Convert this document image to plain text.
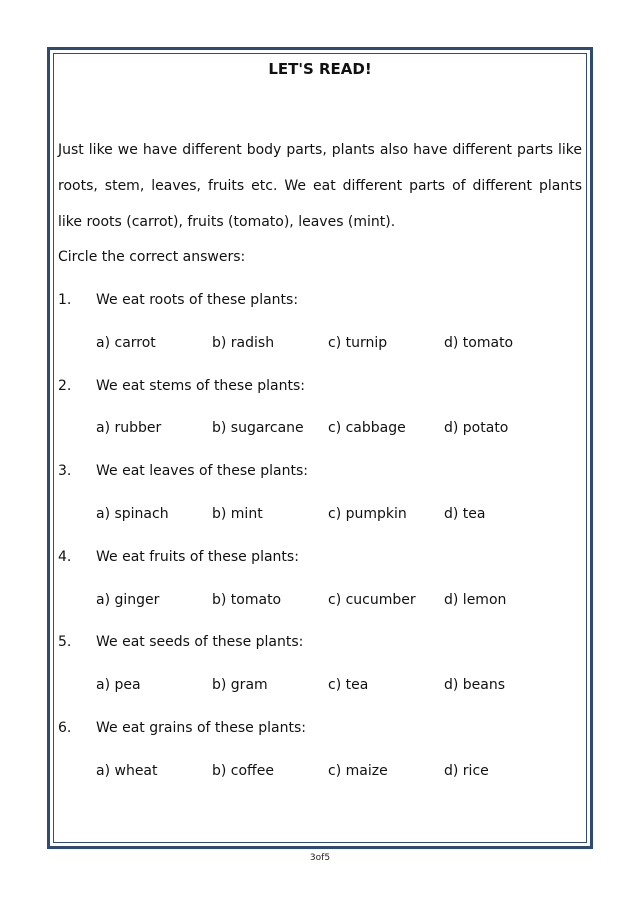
LET'S READ!
Just like we have different body parts, plants also have different parts like roots, stem, leaves, fruits etc. We eat different parts of different plants like roots (carrot), fruits (tomato), leaves (mint).
Circle the correct answers:
1. We eat roots of these plants:
a) carrot	b) radish	c) turnip	d) tomato
2. We eat stems of these plants:
a) rubber	b) sugarcane c) cabbage	d) potato
3. We eat leaves of these plants:
a) spinach	b) mint	c) pumpkin	d) tea
4. We eat fruits of these plants:
a) ginger	b) tomato	c) cucumber d) lemon
5. We eat seeds of these plants:
a) pea	b) gram	c) tea	d) beans
6. We eat grains of these plants:
a) wheat	b) coffee	c) maize	d) rice
3of5
